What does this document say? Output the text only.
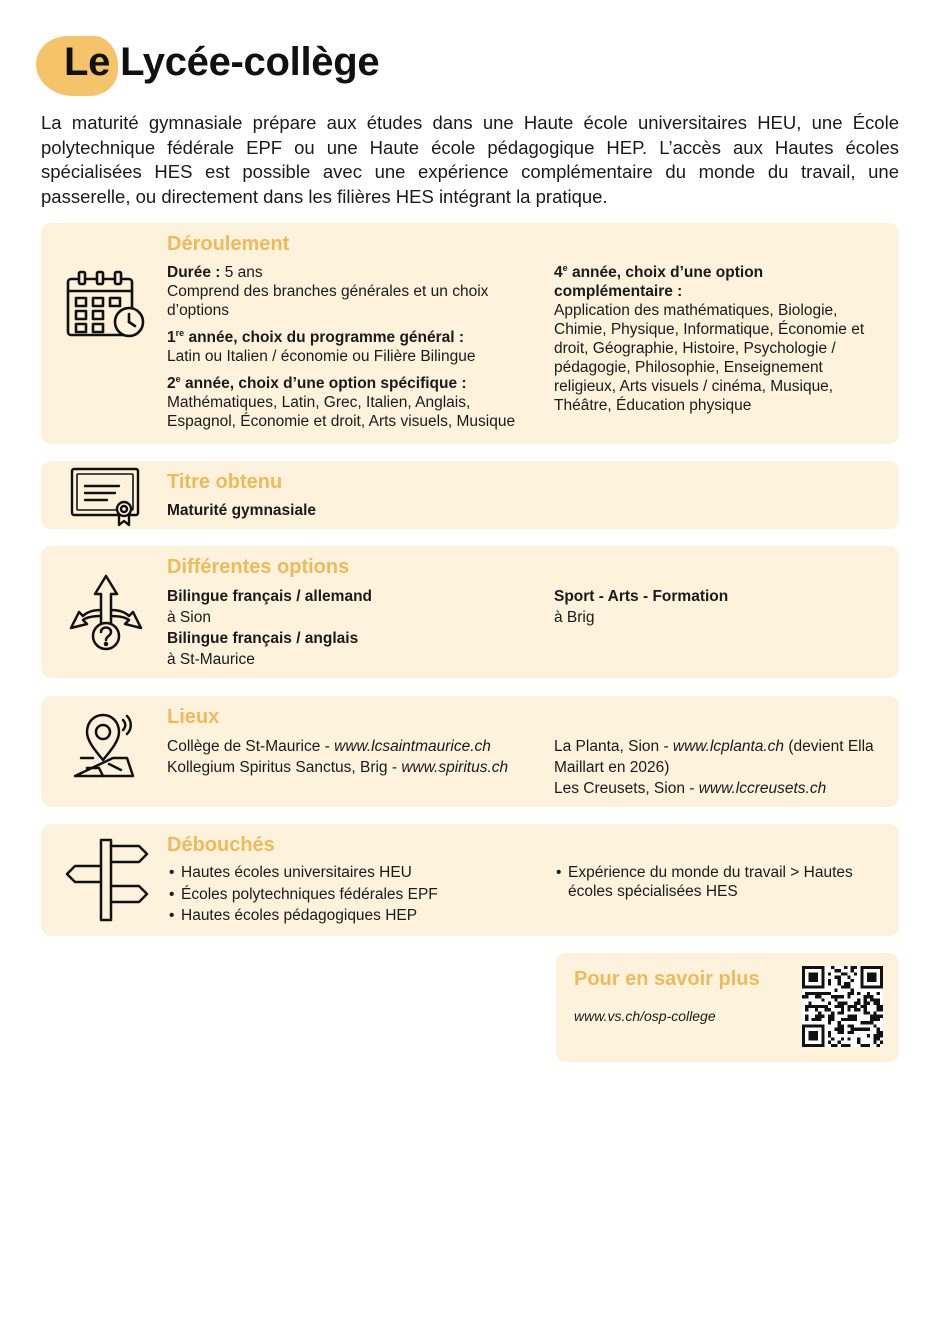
Le Lycée-collège

La maturité gymnasiale prépare aux études dans une Haute école universitaires HEU, une École polytechnique fédérale EPF ou une Haute école pédagogique HEP. L’accès aux Hautes écoles spécialisées HES est possible avec une expérience complémentaire du monde du travail, une passerelle, ou directement dans les filières HES intégrant la pratique.

Déroulement
Durée : 5 ans
Comprend des branches générales et un choix d’options
1re année, choix du programme général :
Latin ou Italien / économie ou Filière Bilingue
2e année, choix d’une option spécifique :
Mathématiques, Latin, Grec, Italien, Anglais, Espagnol, Économie et droit, Arts visuels, Musique
4e année, choix d’une option complémentaire :
Application des mathématiques, Biologie, Chimie, Physique, Informatique, Économie et droit, Géographie, Histoire, Psychologie / pédagogie, Philosophie, Enseignement religieux, Arts visuels / cinéma, Musique, Théâtre, Éducation physique
Titre obtenu
Maturité gymnasiale
Différentes options
Bilingue français / allemand
à Sion
Bilingue français / anglais
à St-Maurice
Sport - Arts - Formation
à Brig
Lieux
Collège de St-Maurice - www.lcsaintmaurice.ch
Kollegium Spiritus Sanctus, Brig - www.spiritus.ch
La Planta, Sion - www.lcplanta.ch (devient Ella Maillart en 2026)
Les Creusets, Sion - www.lccreusets.ch
Débouchés
• Hautes écoles universitaires HEU
• Écoles polytechniques fédérales EPF
• Hautes écoles pédagogiques HEP
• Expérience du monde du travail > Hautes écoles spécialisées HES
Pour en savoir plus
www.vs.ch/osp-college
